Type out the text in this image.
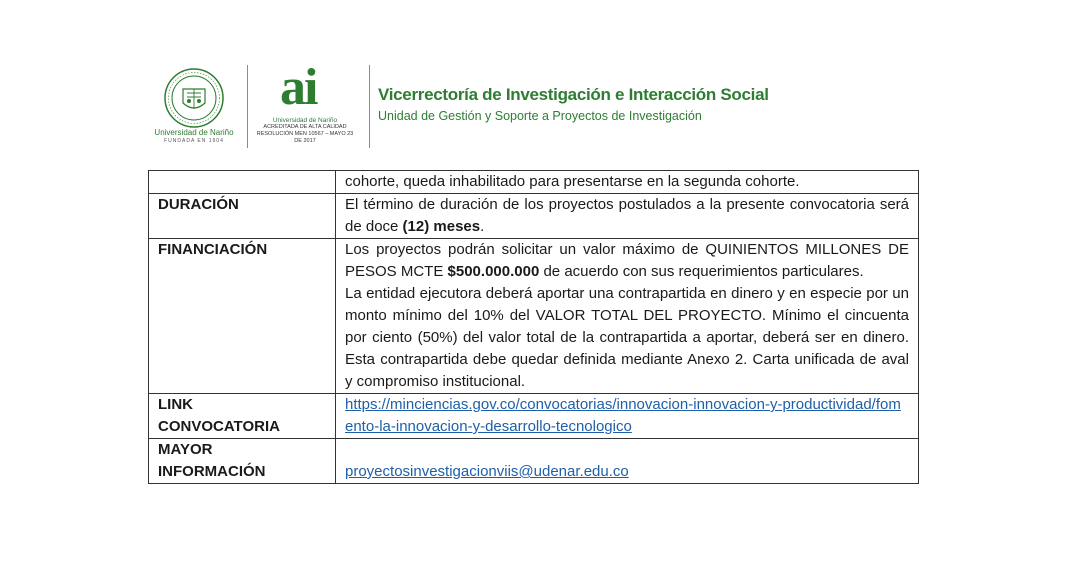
Universidad de Nariño
FUNDADA EN 1904
ai
Universidad de Nariño
ACREDITADA DE ALTA CALIDAD
RESOLUCIÓN MEN 10567 – MAYO 23 DE 2017
Vicerrectoría de Investigación e Interacción Social
Unidad de Gestión y Soporte a Proyectos de Investigación
	cohorte, queda inhabilitado para presentarse en la segunda cohorte.
DURACIÓN	El término de duración de los proyectos postulados a la presente convocatoria será de doce (12) meses.
FINANCIACIÓN	Los proyectos podrán solicitar un valor máximo de QUINIENTOS MILLONES DE PESOS MCTE $500.000.000 de acuerdo con sus requerimientos particulares.
La entidad ejecutora deberá aportar una contrapartida en dinero y en especie por un monto mínimo del 10% del VALOR TOTAL DEL PROYECTO. Mínimo el cincuenta por ciento (50%) del valor total de la contrapartida a aportar, deberá ser en dinero. Esta contrapartida debe quedar definida mediante Anexo 2. Carta unificada de aval y compromiso institucional.

LINK
CONVOCATORIA	https://minciencias.gov.co/convocatorias/innovacion-innovacion-y-productividad/fomento-la-innovacion-y-desarrollo-tecnologico

MAYOR
INFORMACIÓN	proyectosinvestigacionviis@udenar.edu.co
